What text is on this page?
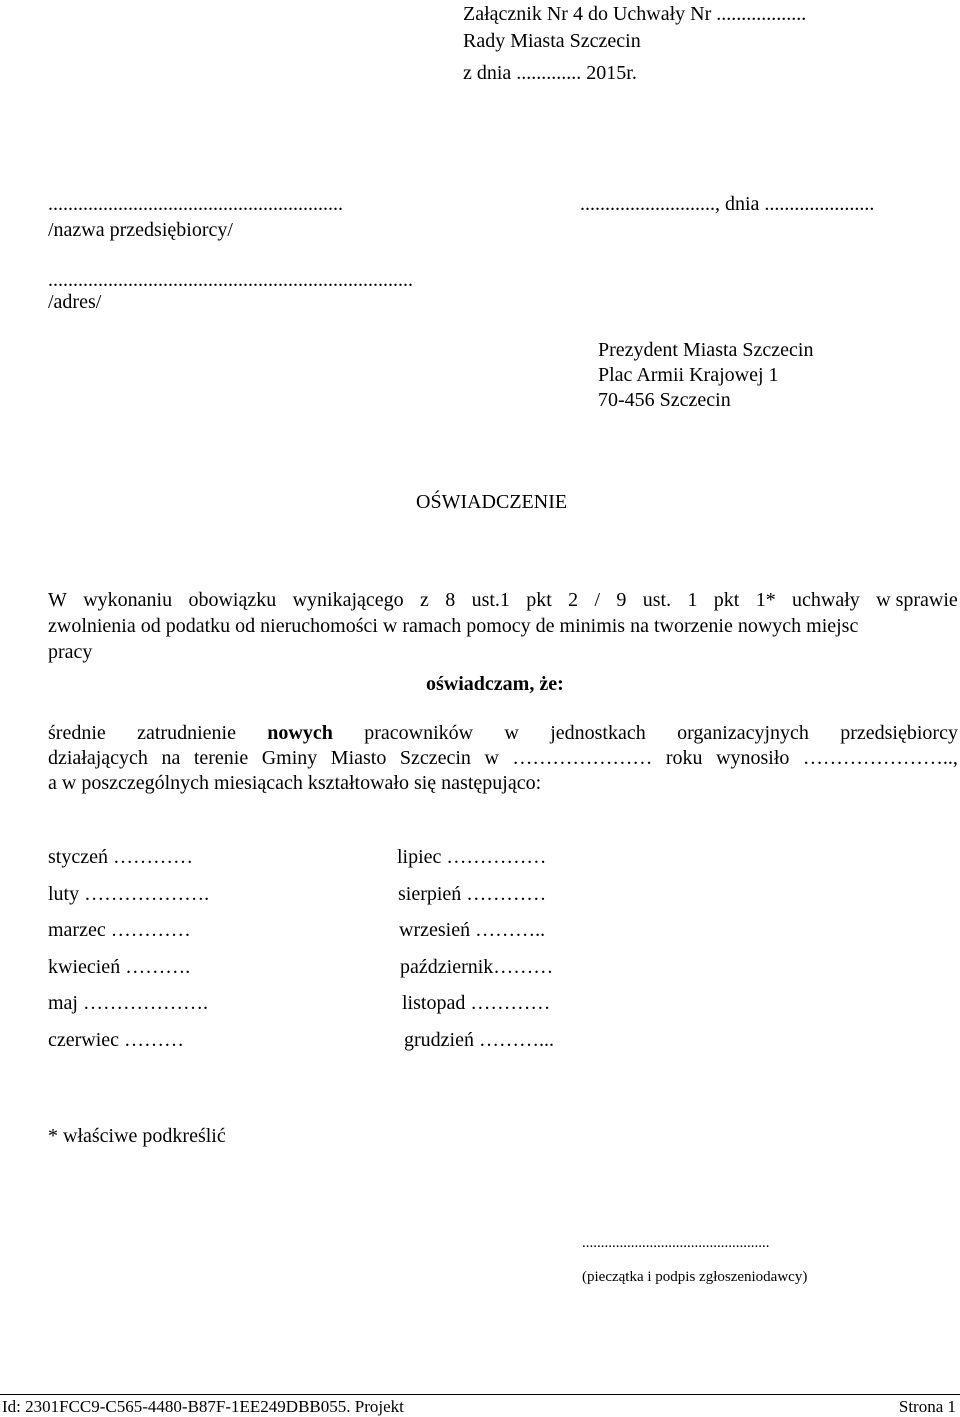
Załącznik Nr 4 do Uchwały Nr ..................
Rady Miasta Szczecin
z dnia ............. 2015r.
...........................................................
/nazwa przedsiębiorcy/
..........................., dnia ......................
.........................................................................
/adres/
Prezydent Miasta Szczecin
Plac Armii Krajowej 1
70-456 Szczecin
OŚWIADCZENIE
W wykonaniu obowiązku wynikającego z 8 ust.1 pkt 2 / 9 ust. 1 pkt 1* uchwały w sprawie
zwolnienia od podatku od nieruchomości w ramach pomocy de minimis na tworzenie nowych miejsc
pracy
oświadczam, że:
średnie zatrudnienie nowych pracowników w jednostkach organizacyjnych przedsiębiorcy
działających na terenie Gminy Miasto Szczecin w ………………… roku wynosiło …………………..,
a w poszczególnych miesiącach kształtowało się następująco:
styczeń …………
luty ……………….
marzec …………
kwiecień ……….
maj ……………….
czerwiec ………
lipiec ……………
sierpień …………
wrzesień ………..
październik………
listopad …………
grudzień ………...
* właściwe podkreślić
..................................................
(pieczątka i podpis zgłoszeniodawcy)
Id: 2301FCC9-C565-4480-B87F-1EE249DBB055. Projekt	Strona 1
